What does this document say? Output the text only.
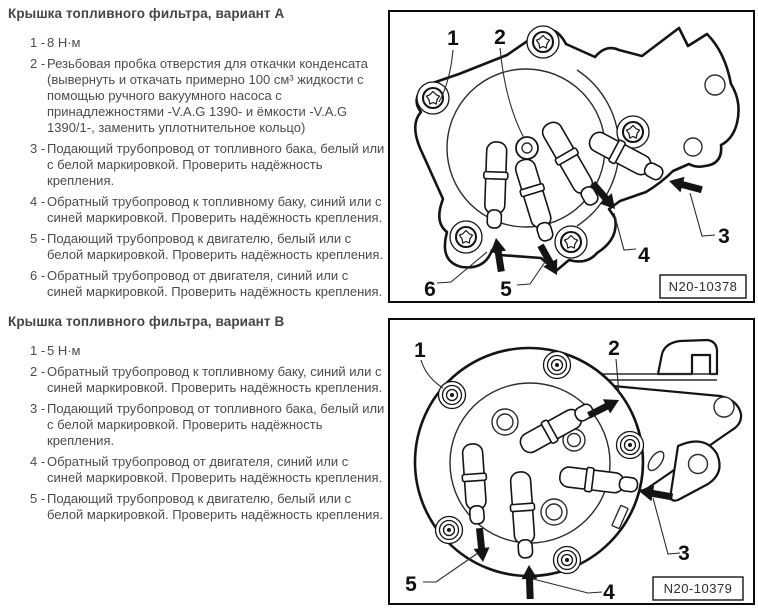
Крышка топливного фильтра, вариант А
1 - 8 Н·м
2 - Резьбовая пробка отверстия для откачки конденсата (вывернуть и откачать примерно 100 см³ жидкости с помощью ручного вакуумного насоса с принадлежностями -V.A.G 1390- и ёмкости -V.A.G 1390/1-, заменить уплотнительное кольцо)
3 - Подающий трубопровод от топливного бака, белый или с белой маркировкой. Проверить надёжность крепления.
4 - Обратный трубопровод к топливному баку, синий или с синей маркировкой. Проверить надёжность крепления.
5 - Подающий трубопровод к двигателю, белый или с белой маркировкой. Проверить надёжность крепления.
6 - Обратный трубопровод от двигателя, синий или с синей маркировкой. Проверить надёжность крепления.
Крышка топливного фильтра, вариант В
1 - 5 Н·м
2 - Обратный трубопровод к топливному баку, синий или с синей маркировкой. Проверить надёжность крепления.
3 - Подающий трубопровод от топливного бака, белый или с белой маркировкой. Проверить надёжность крепления.
4 - Обратный трубопровод от двигателя, синий или с синей маркировкой. Проверить надёжность крепления.
5 - Подающий трубопровод к двигателю, белый или с белой маркировкой. Проверить надёжность крепления.
1 2
3
4
5
6	N20-10378
1	2
3
4
5	N20-10379
